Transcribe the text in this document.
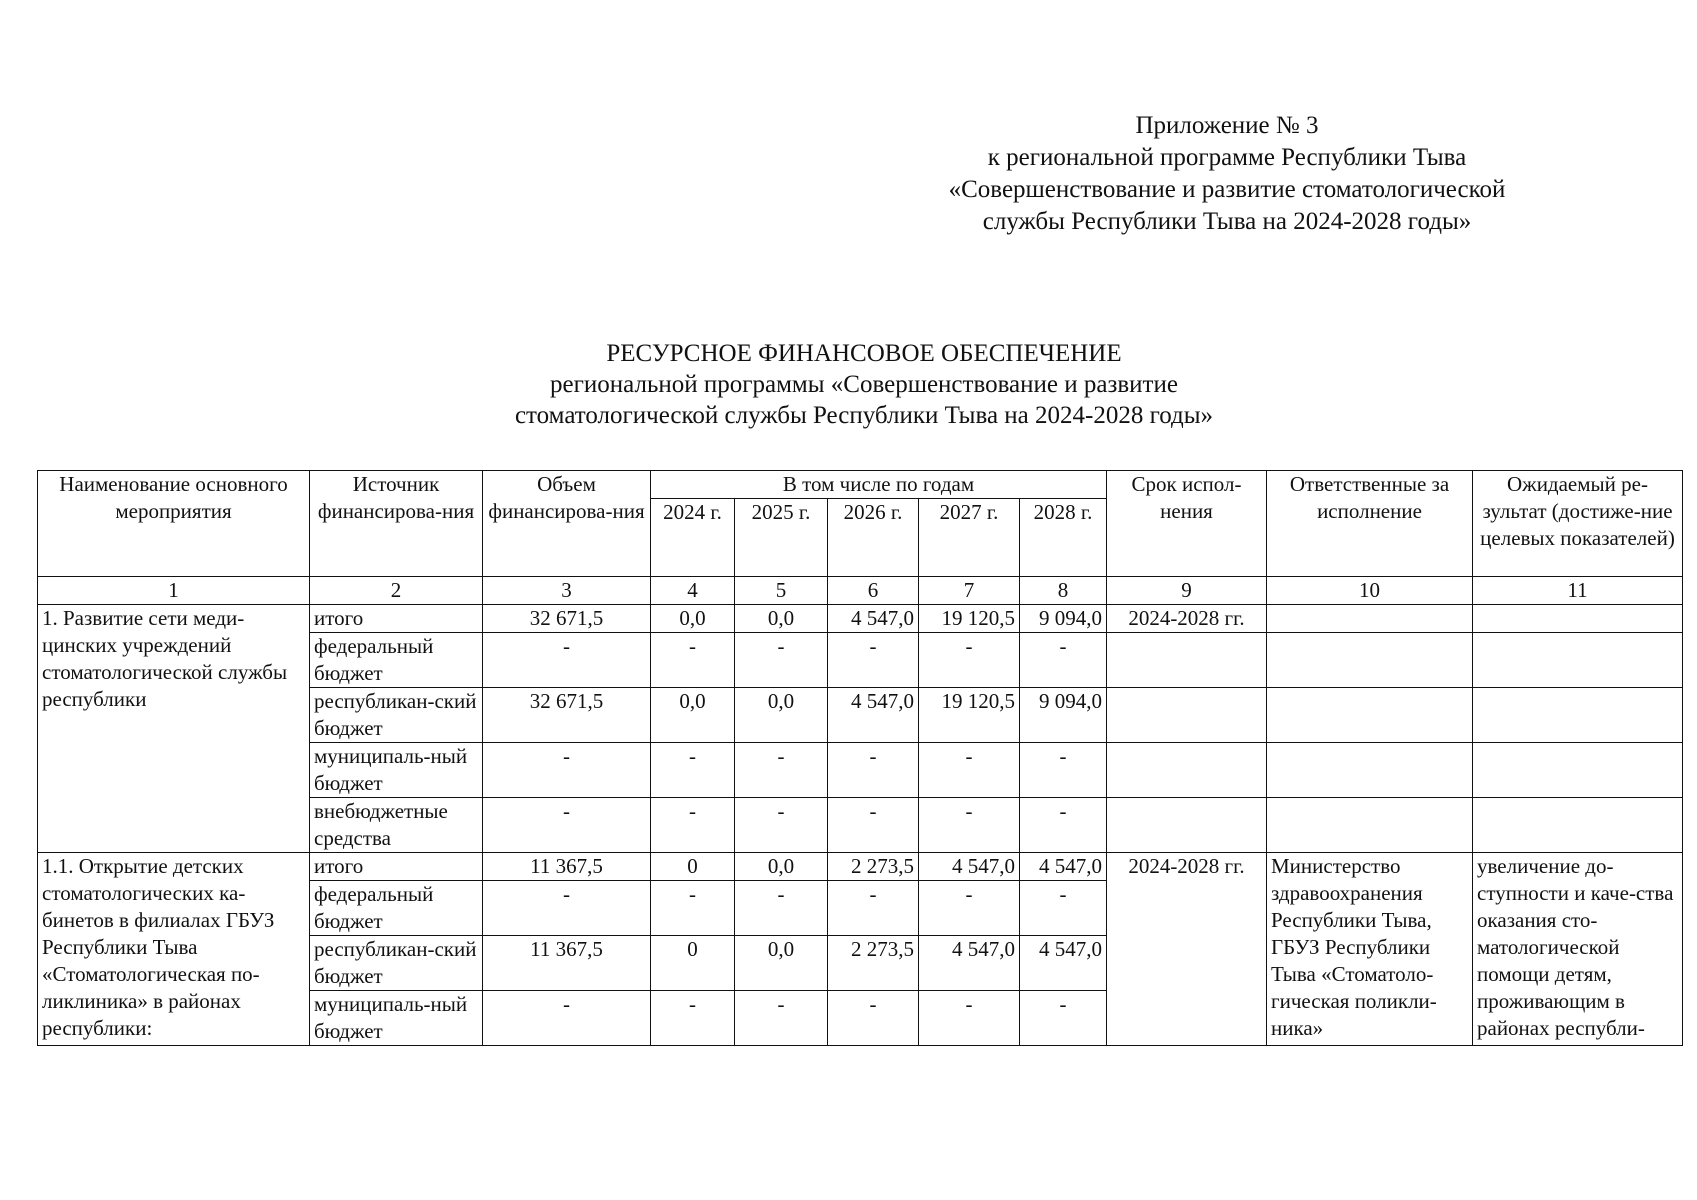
Приложение № 3
к региональной программе Республики Тыва
«Совершенствование и развитие стоматологической
службы Республики Тыва на 2024-2028 годы»
РЕСУРСНОЕ ФИНАНСОВОЕ ОБЕСПЕЧЕНИЕ
региональной программы «Совершенствование и развитие
стоматологической службы Республики Тыва на 2024-2028 годы»
Наименование основного мероприятия	Источник финансирова-ния	Объем финансирова-ния	В том числе по годам					Срок испол-нения	Ответственные за исполнение	Ожидаемый ре-зультат (достиже-ние целевых показателей)
			2024 г.	2025 г.	2026 г.	2027 г.	2028 г.			
1	2	3	4	5	6	7	8	9	10	11
1. Развитие сети меди-цинских учреждений стоматологической службы республики	итого	32 671,5	0,0	0,0	4 547,0	19 120,5	9 094,0	2024-2028 гг.		
	федеральный бюджет	-	-	-	-	-	-			
	республикан-ский бюджет	32 671,5	0,0	0,0	4 547,0	19 120,5	9 094,0			
	муниципаль-ный бюджет	-	-	-	-	-	-			
	внебюджетные средства	-	-	-	-	-	-			
1.1. Открытие детских стоматологических ка-бинетов в филиалах ГБУЗ Республики Тыва «Стоматологическая по-ликлиника» в районах республики:	итого	11 367,5	0	0,0	2 273,5	4 547,0	4 547,0	2024-2028 гг.	Министерство здравоохранения Республики Тыва, ГБУЗ Республики Тыва «Стоматоло-гическая поликли-ника»	увеличение до-ступности и каче-ства оказания сто-матологической помощи детям, проживающим в районах республи-
	федеральный бюджет	-	-	-	-	-	-			
	республикан-ский бюджет	11 367,5	0	0,0	2 273,5	4 547,0	4 547,0			
	муниципаль-ный бюджет	-	-	-	-	-	-			
